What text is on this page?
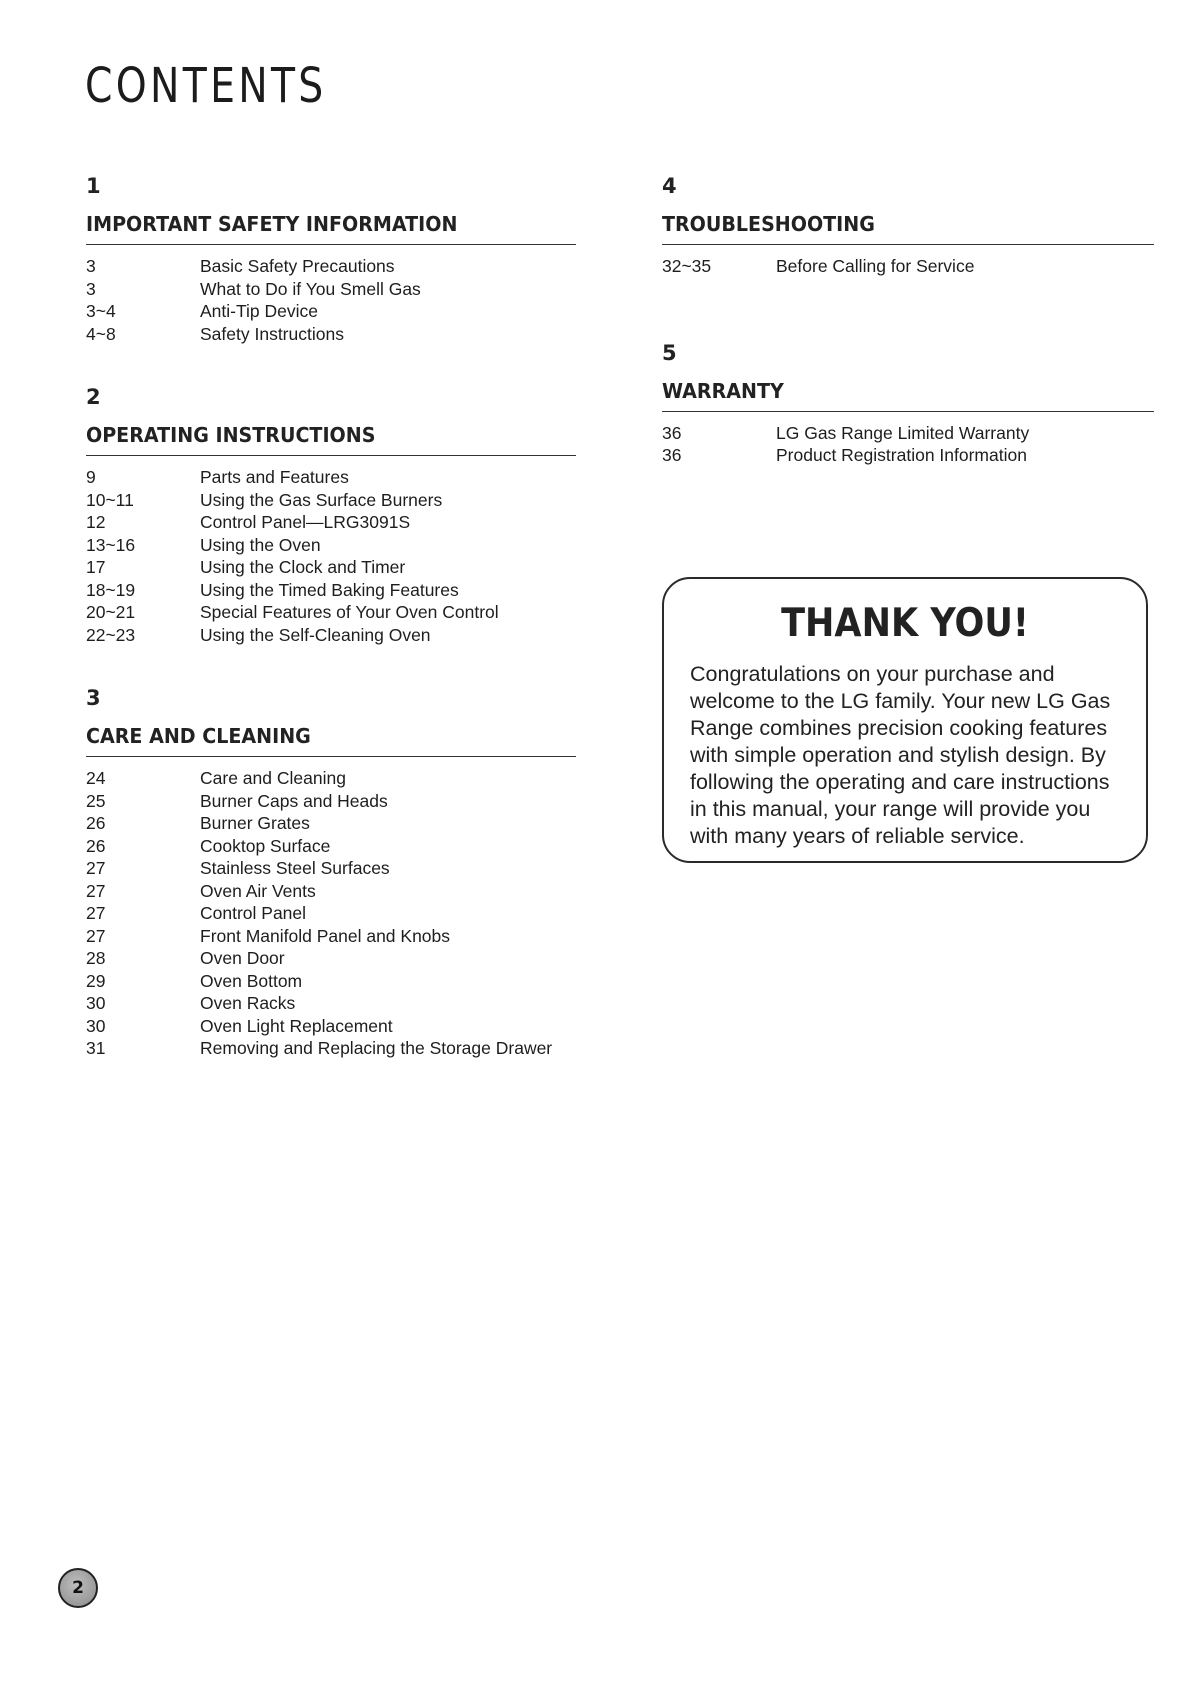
CONTENTS
1
IMPORTANT SAFETY INFORMATION
3	Basic Safety Precautions
3	What to Do if You Smell Gas
3~4	Anti-Tip Device
4~8	Safety Instructions
2
OPERATING INSTRUCTIONS
9	Parts and Features
10~11	Using the Gas Surface Burners
12	Control Panel—LRG3091S
13~16	Using the Oven
17	Using the Clock and Timer
18~19	Using the Timed Baking Features
20~21	Special Features of Your Oven Control
22~23	Using the Self-Cleaning Oven
3
CARE AND CLEANING
24	Care and Cleaning
25	Burner Caps and Heads
26	Burner Grates
26	Cooktop Surface
27	Stainless Steel Surfaces
27	Oven Air Vents
27	Control Panel
27	Front Manifold Panel and Knobs
28	Oven Door
29	Oven Bottom
30	Oven Racks
30	Oven Light Replacement
31	Removing and Replacing the Storage Drawer
4
TROUBLESHOOTING
32~35	Before Calling for Service
5
WARRANTY
36	LG Gas Range Limited Warranty
36	Product Registration Information
THANK YOU!
Congratulations on your purchase and
welcome to the LG family. Your new LG Gas
Range combines precision cooking features
with simple operation and stylish design. By
following the operating and care instructions
in this manual, your range will provide you
with many years of reliable service.
2
